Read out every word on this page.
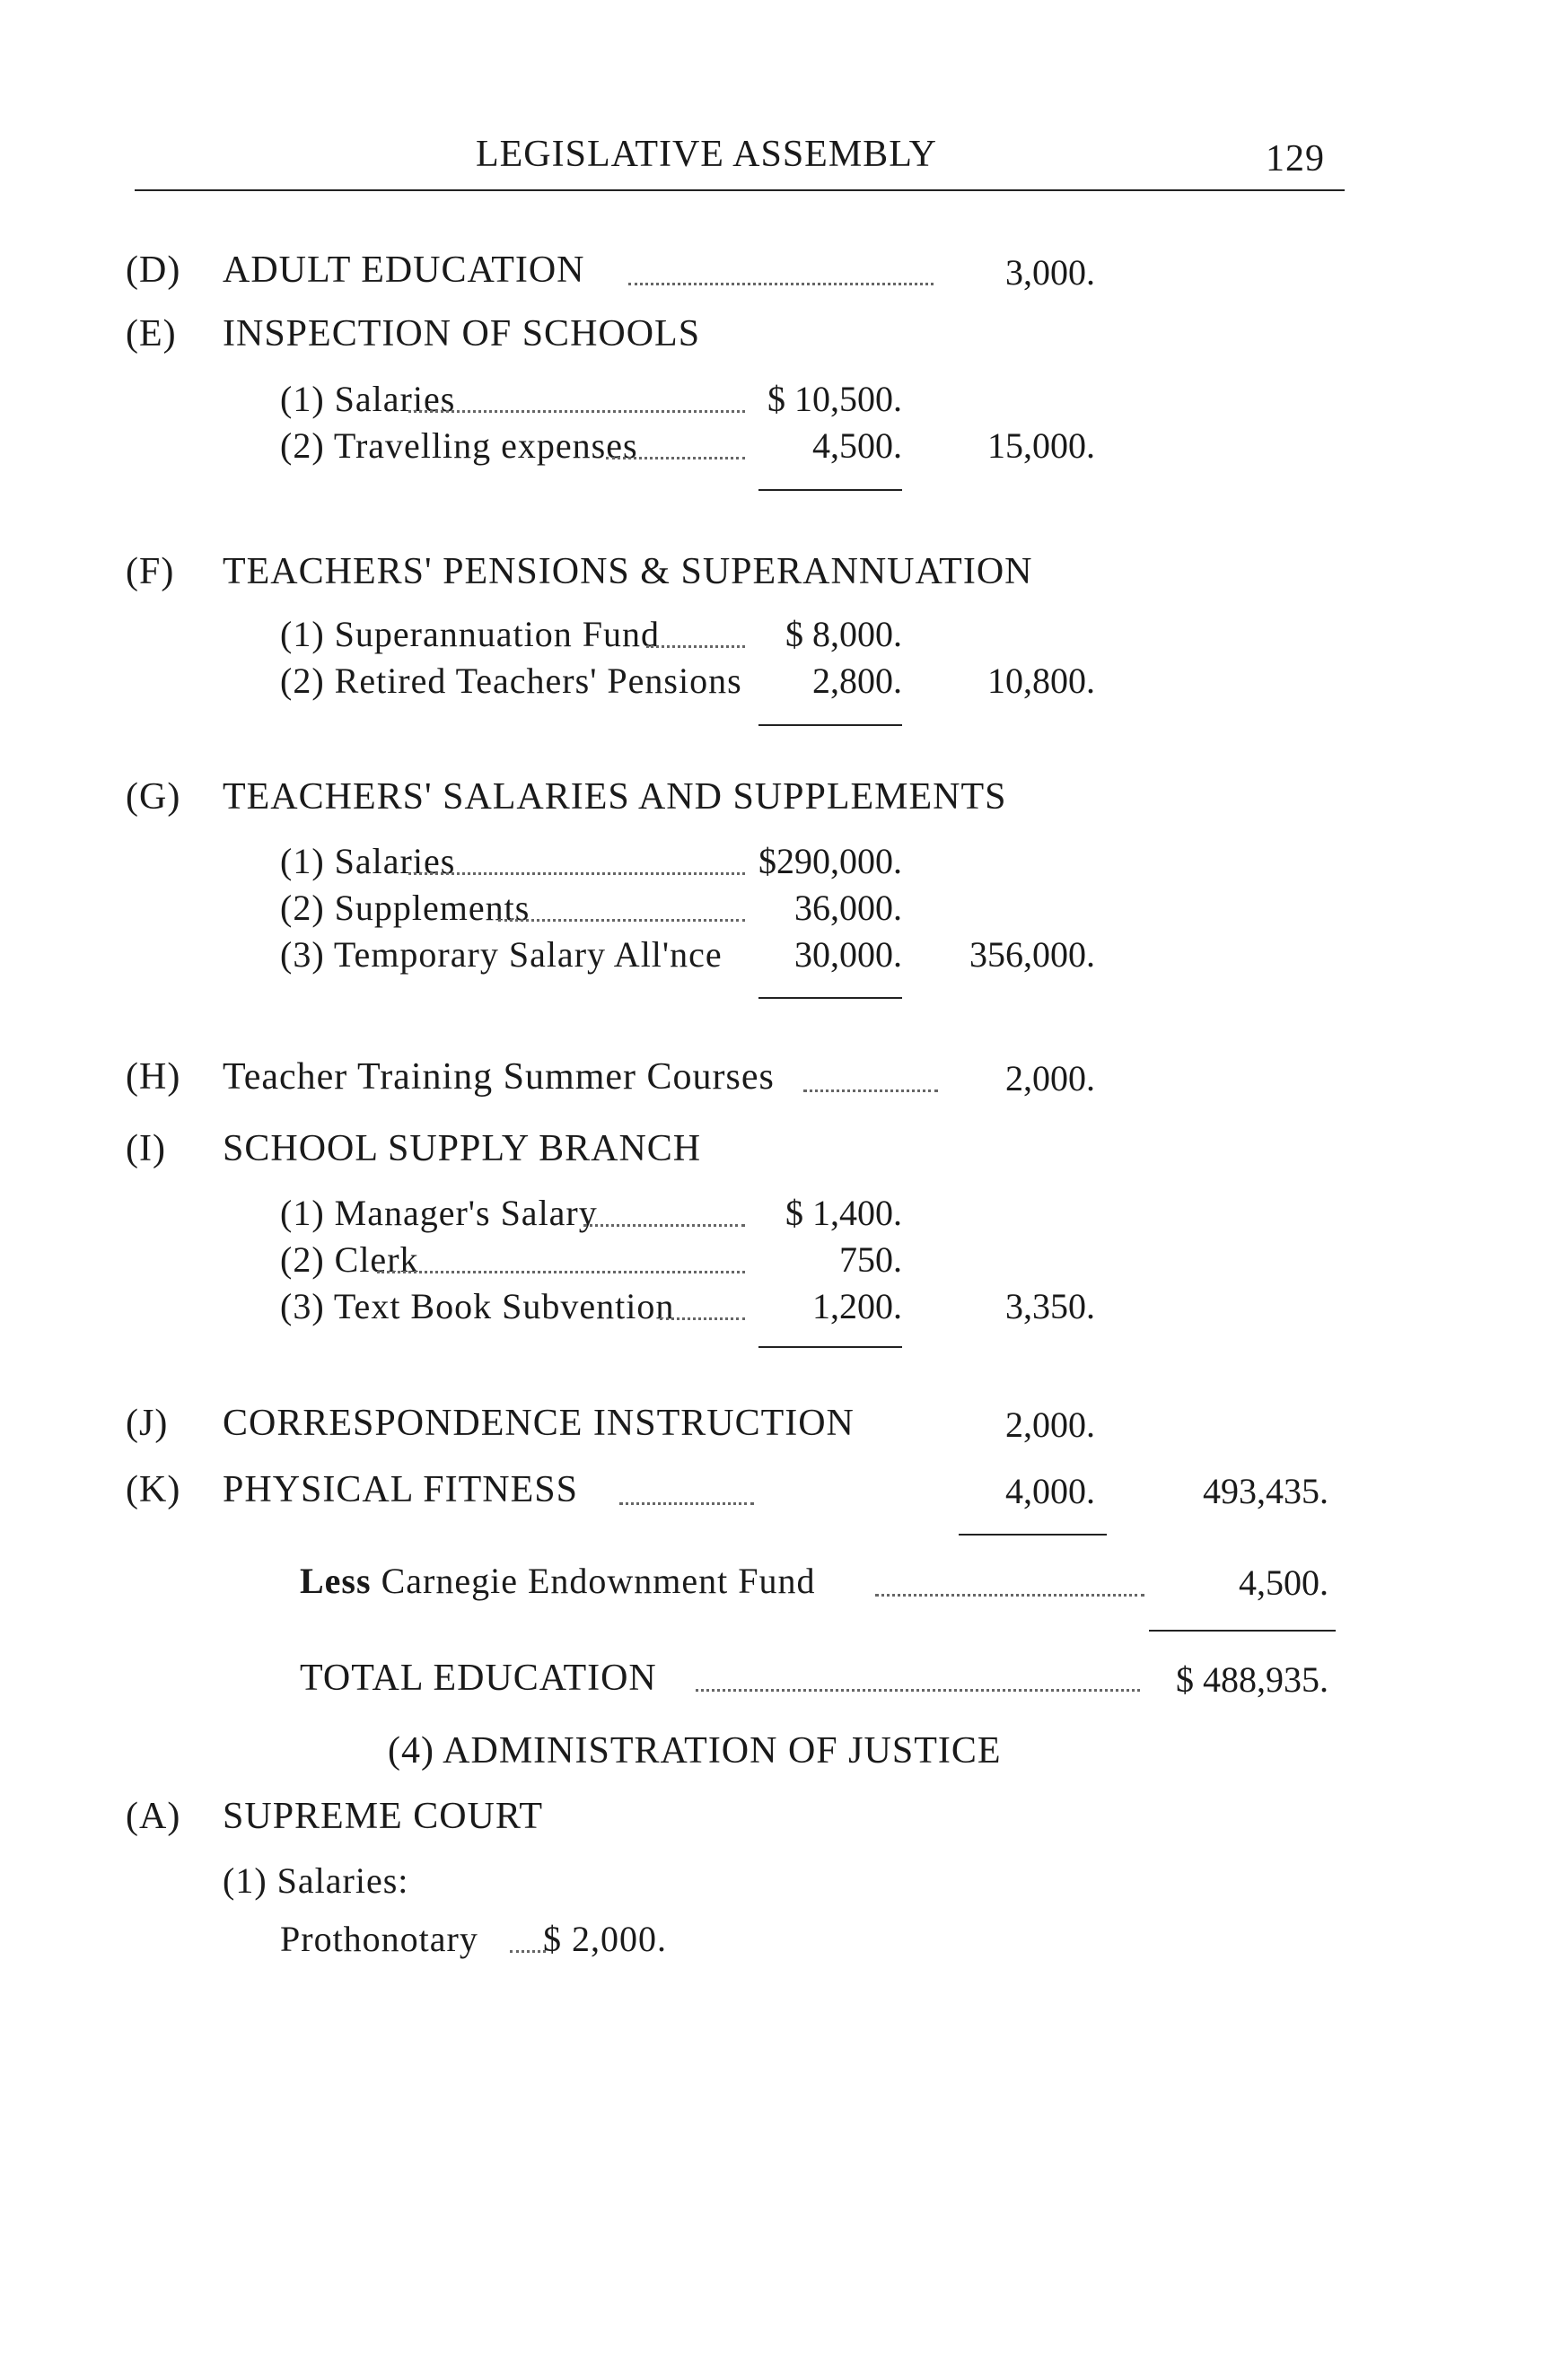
LEGISLATIVE ASSEMBLY	129
(D) ADULT EDUCATION	3,000.
(E) INSPECTION OF SCHOOLS
(1) Salaries	$ 10,500.
(2) Travelling expenses	4,500.	15,000.
(F) TEACHERS' PENSIONS & SUPERANNUATION
(1) Superannuation Fund	$ 8,000.
(2) Retired Teachers' Pensions	2,800.	10,800.
(G) TEACHERS' SALARIES AND SUPPLEMENTS
(1) Salaries	$290,000.
(2) Supplements	36,000.
(3) Temporary Salary All'nce	30,000.	356,000.
(H) Teacher Training Summer Courses	2,000.
(I) SCHOOL SUPPLY BRANCH
(1) Manager's Salary	$ 1,400.
(2) Clerk	750.
(3) Text Book Subvention	1,200.	3,350.
(J) CORRESPONDENCE INSTRUCTION	2,000.
(K) PHYSICAL FITNESS	4,000.	493,435.
Less Carnegie Endownment Fund	4,500.
TOTAL EDUCATION	$ 488,935.
(4) ADMINISTRATION OF JUSTICE
(A) SUPREME COURT
(1) Salaries:
Prothonotary $ 2,000.
